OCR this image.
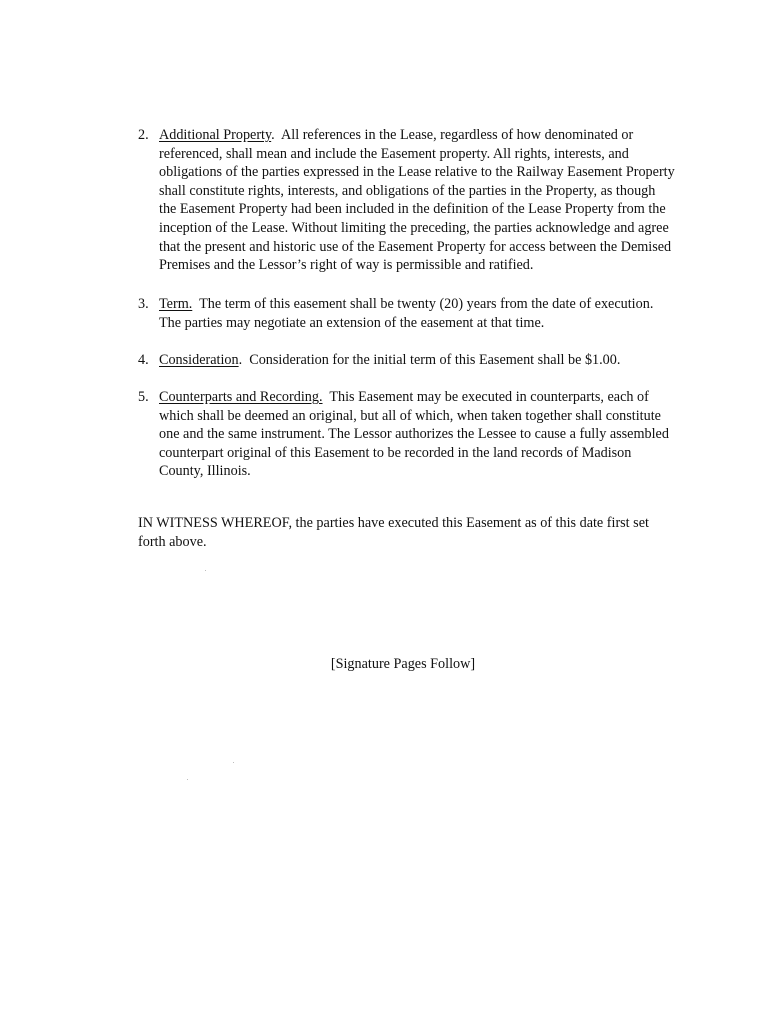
2. Additional Property. All references in the Lease, regardless of how denominated or referenced, shall mean and include the Easement property. All rights, interests, and obligations of the parties expressed in the Lease relative to the Railway Easement Property shall constitute rights, interests, and obligations of the parties in the Property, as though the Easement Property had been included in the definition of the Lease Property from the inception of the Lease. Without limiting the preceding, the parties acknowledge and agree that the present and historic use of the Easement Property for access between the Demised Premises and the Lessor’s right of way is permissible and ratified.
3. Term. The term of this easement shall be twenty (20) years from the date of execution. The parties may negotiate an extension of the easement at that time.
4. Consideration. Consideration for the initial term of this Easement shall be $1.00.
5. Counterparts and Recording. This Easement may be executed in counterparts, each of which shall be deemed an original, but all of which, when taken together shall constitute one and the same instrument. The Lessor authorizes the Lessee to cause a fully assembled counterpart original of this Easement to be recorded in the land records of Madison County, Illinois.
IN WITNESS WHEREOF, the parties have executed this Easement as of this date first set forth above.
[Signature Pages Follow]
